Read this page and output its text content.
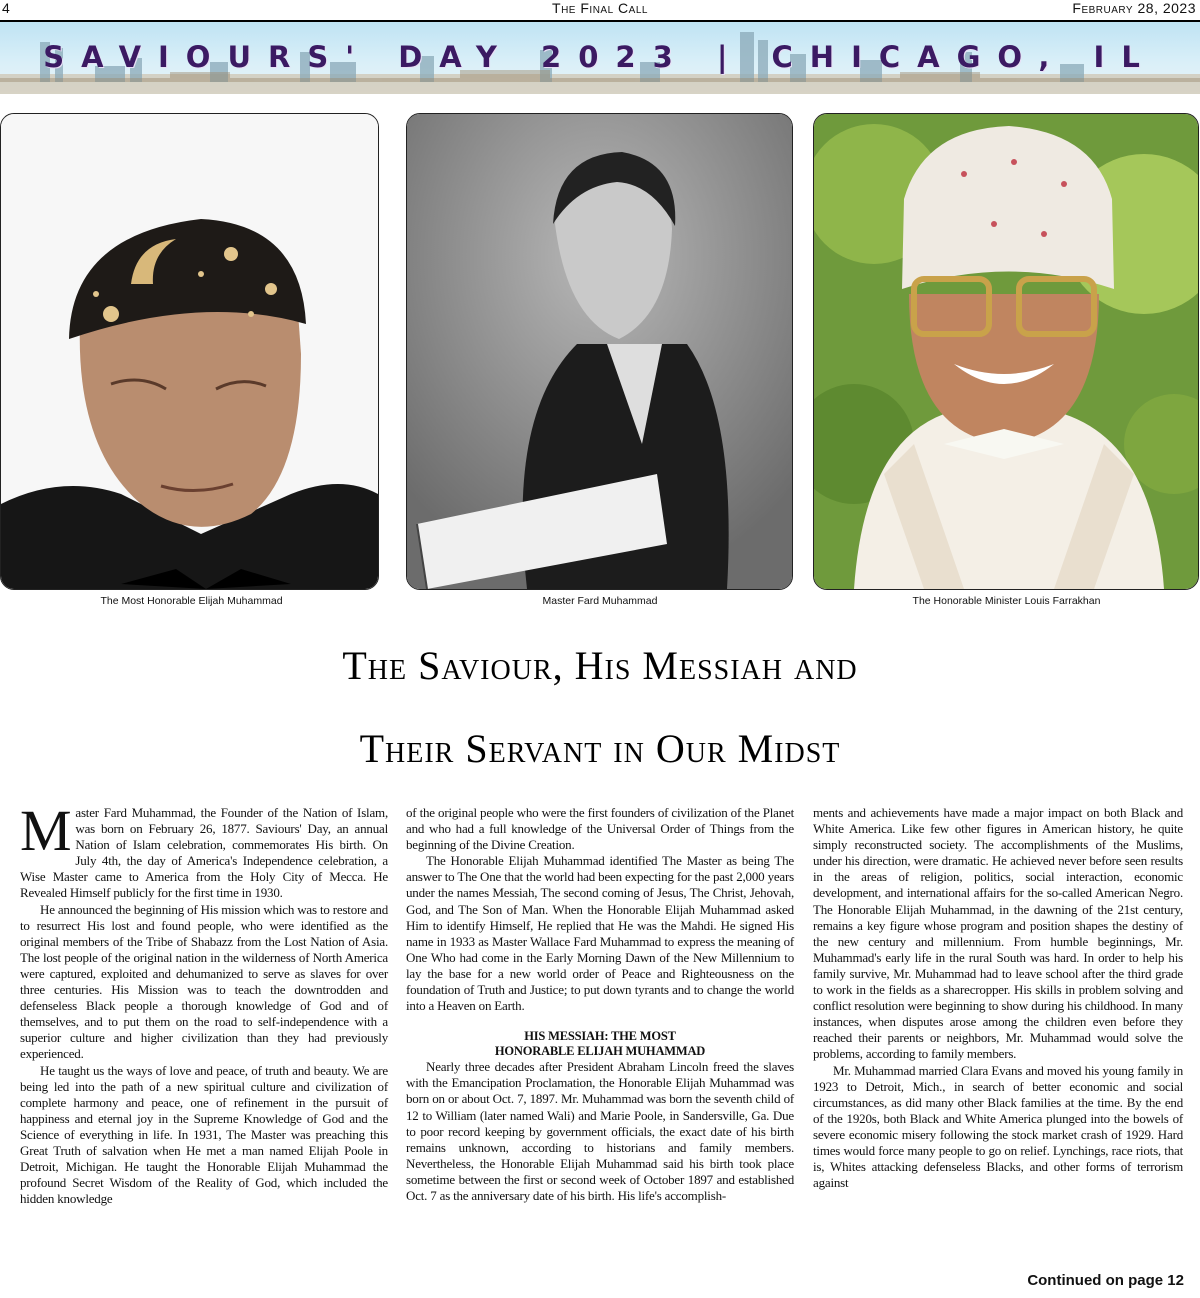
4	The Final Call	February 28, 2023
SAVIOURS' DAY 2023 | CHICAGO, IL
The Most Honorable Elijah Muhammad	Master Fard Muhammad	The Honorable Minister Louis Farrakhan
The Saviour, His Messiah and
Their Servant in Our Midst

Master Fard Muhammad, the Founder of the Nation of Islam, was born on February 26, 1877. Saviours' Day, an annual Nation of Islam celebration, commemorates His birth. On July 4th, the day of America's Independence celebration, a Wise Master came to America from the Holy City of Mecca. He Revealed Himself publicly for the first time in 1930.

He announced the beginning of His mission which was to restore and to resurrect His lost and found people, who were identified as the original members of the Tribe of Shabazz from the Lost Nation of Asia. The lost people of the original nation in the wilderness of North America were captured, exploited and dehumanized to serve as slaves for over three centuries. His Mission was to teach the downtrodden and defenseless Black people a thorough knowledge of God and of themselves, and to put them on the road to self-independence with a superior culture and higher civilization than they had previously experienced.

He taught us the ways of love and peace, of truth and beauty. We are being led into the path of a new spiritual culture and civilization of complete harmony and peace, one of refinement in the pursuit of happiness and eternal joy in the Supreme Knowledge of God and the Science of everything in life. In 1931, The Master was preaching this Great Truth of salvation when He met a man named Elijah Poole in Detroit, Michigan. He taught the Honorable Elijah Muhammad the profound Secret Wisdom of the Reality of God, which included the hidden knowledge

of the original people who were the first founders of civilization of the Planet and who had a full knowledge of the Universal Order of Things from the beginning of the Divine Creation.

The Honorable Elijah Muhammad identified The Master as being The answer to The One that the world had been expecting for the past 2,000 years under the names Messiah, The second coming of Jesus, The Christ, Jehovah, God, and The Son of Man. When the Honorable Elijah Muhammad asked Him to identify Himself, He replied that He was the Mahdi. He signed His name in 1933 as Master Wallace Fard Muhammad to express the meaning of One Who had come in the Early Morning Dawn of the New Millennium to lay the base for a new world order of Peace and Righteousness on the foundation of Truth and Justice; to put down tyrants and to change the world into a Heaven on Earth.

HIS MESSIAH: THE MOST
HONORABLE ELIJAH MUHAMMAD

Nearly three decades after President Abraham Lincoln freed the slaves with the Emancipation Proclamation, the Honorable Elijah Muhammad was born on or about Oct. 7, 1897. Mr. Muhammad was born the seventh child of 12 to William (later named Wali) and Marie Poole, in Sandersville, Ga. Due to poor record keeping by government officials, the exact date of his birth remains unknown, according to historians and family members. Nevertheless, the Honorable Elijah Muhammad said his birth took place sometime between the first or second week of October 1897 and established Oct. 7 as the anniversary date of his birth. His life's accomplish-

ments and achievements have made a major impact on both Black and White America. Like few other figures in American history, he quite simply reconstructed society. The accomplishments of the Muslims, under his direction, were dramatic. He achieved never before seen results in the areas of religion, politics, social interaction, economic development, and international affairs for the so-called American Negro. The Honorable Elijah Muhammad, in the dawning of the 21st century, remains a key figure whose program and position shapes the destiny of the new century and millennium. From humble beginnings, Mr. Muhammad's early life in the rural South was hard. In order to help his family survive, Mr. Muhammad had to leave school after the third grade to work in the fields as a sharecropper. His skills in problem solving and conflict resolution were beginning to show during his childhood. In many instances, when disputes arose among the children even before they reached their parents or neighbors, Mr. Muhammad would solve the problems, according to family members.

Mr. Muhammad married Clara Evans and moved his young family in 1923 to Detroit, Mich., in search of better economic and social circumstances, as did many other Black families at the time. By the end of the 1920s, both Black and White America plunged into the bowels of severe economic misery following the stock market crash of 1929. Hard times would force many people to go on relief. Lynchings, race riots, that is, Whites attacking defenseless Blacks, and other forms of terrorism against

Continued on page 12
